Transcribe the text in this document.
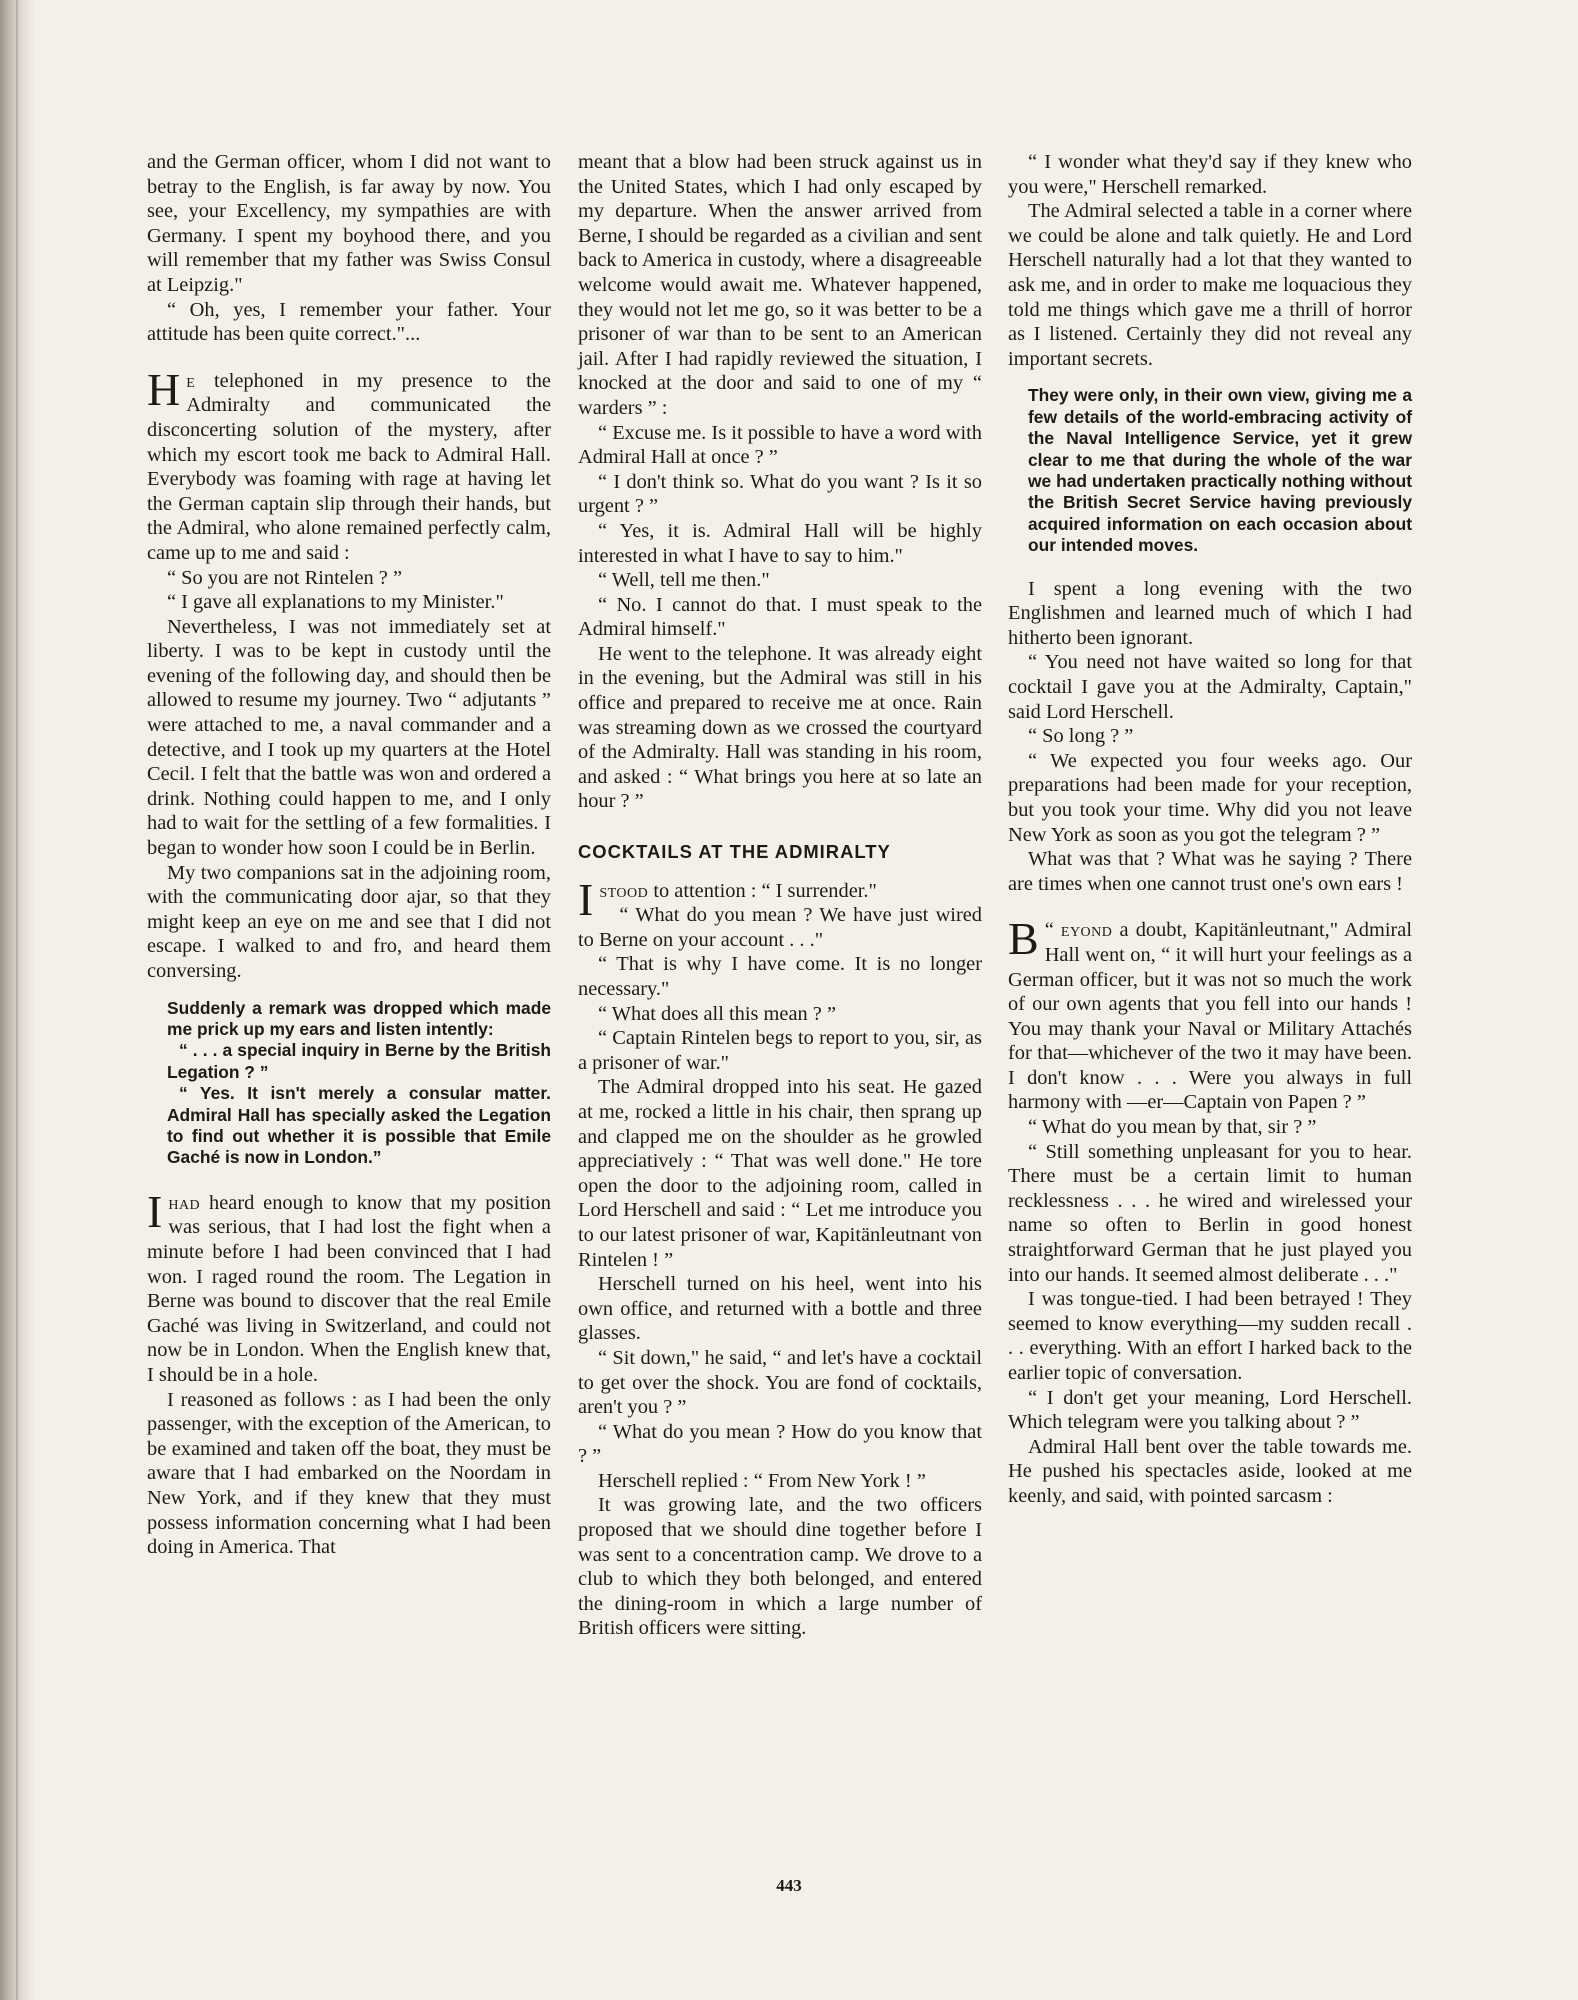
and the German officer, whom I did not want to betray to the English, is far away by now. You see, your Excellency, my sympathies are with Germany. I spent my boyhood there, and you will remember that my father was Swiss Consul at Leipzig."

“ Oh, yes, I remember your father. Your attitude has been quite correct."...

He telephoned in my presence to the Admiralty and communicated the disconcerting solution of the mystery, after which my escort took me back to Admiral Hall. Everybody was foaming with rage at having let the German captain slip through their hands, but the Admiral, who alone remained perfectly calm, came up to me and said :

“ So you are not Rintelen ? ”

“ I gave all explanations to my Minister."

Nevertheless, I was not immediately set at liberty. I was to be kept in custody until the evening of the following day, and should then be allowed to resume my journey. Two “ adjutants ” were attached to me, a naval commander and a detective, and I took up my quarters at the Hotel Cecil. I felt that the battle was won and ordered a drink. Nothing could happen to me, and I only had to wait for the settling of a few formalities. I began to wonder how soon I could be in Berlin.

My two companions sat in the adjoining room, with the communicating door ajar, so that they might keep an eye on me and see that I did not escape. I walked to and fro, and heard them conversing.

Suddenly a remark was dropped which made me prick up my ears and listen intently:

“ . . . a special inquiry in Berne by the British Legation ? ”

“ Yes. It isn't merely a consular matter. Admiral Hall has specially asked the Legation to find out whether it is possible that Emile Gaché is now in London.”

Ihad heard enough to know that my position was serious, that I had lost the fight when a minute before I had been convinced that I had won. I raged round the room. The Legation in Berne was bound to discover that the real Emile Gaché was living in Switzerland, and could not now be in London. When the English knew that, I should be in a hole.

I reasoned as follows : as I had been the only passenger, with the exception of the American, to be examined and taken off the boat, they must be aware that I had embarked on the Noordam in New York, and if they knew that they must possess information concerning what I had been doing in America. That

meant that a blow had been struck against us in the United States, which I had only escaped by my departure. When the answer arrived from Berne, I should be regarded as a civilian and sent back to America in custody, where a disagreeable welcome would await me. Whatever happened, they would not let me go, so it was better to be a prisoner of war than to be sent to an American jail. After I had rapidly reviewed the situation, I knocked at the door and said to one of my “ warders ” :

“ Excuse me. Is it possible to have a word with Admiral Hall at once ? ”

“ I don't think so. What do you want ? Is it so urgent ? ”

“ Yes, it is. Admiral Hall will be highly interested in what I have to say to him."

“ Well, tell me then."

“ No. I cannot do that. I must speak to the Admiral himself."

He went to the telephone. It was already eight in the evening, but the Admiral was still in his office and prepared to receive me at once. Rain was streaming down as we crossed the courtyard of the Admiralty. Hall was standing in his room, and asked : “ What brings you here at so late an hour ? ”

COCKTAILS AT THE ADMIRALTY

Istood to attention : “ I surrender."

“ What do you mean ? We have just wired to Berne on your account . . ."

“ That is why I have come. It is no longer necessary."

“ What does all this mean ? ”

“ Captain Rintelen begs to report to you, sir, as a prisoner of war."

The Admiral dropped into his seat. He gazed at me, rocked a little in his chair, then sprang up and clapped me on the shoulder as he growled appreciatively : “ That was well done." He tore open the door to the adjoining room, called in Lord Herschell and said : “ Let me introduce you to our latest prisoner of war, Kapitänleutnant von Rintelen ! ”

Herschell turned on his heel, went into his own office, and returned with a bottle and three glasses.

“ Sit down," he said, “ and let's have a cocktail to get over the shock. You are fond of cocktails, aren't you ? ”

“ What do you mean ? How do you know that ? ”

Herschell replied : “ From New York ! ”

It was growing late, and the two officers proposed that we should dine together before I was sent to a concentration camp. We drove to a club to which they both belonged, and entered the dining-room in which a large number of British officers were sitting.

“ I wonder what they'd say if they knew who you were," Herschell remarked.

The Admiral selected a table in a corner where we could be alone and talk quietly. He and Lord Herschell naturally had a lot that they wanted to ask me, and in order to make me loquacious they told me things which gave me a thrill of horror as I listened. Certainly they did not reveal any important secrets.

They were only, in their own view, giving me a few details of the world-embracing activity of the Naval Intelligence Service, yet it grew clear to me that during the whole of the war we had undertaken practically nothing without the British Secret Service having previously acquired information on each occasion about our intended moves.

I spent a long evening with the two Englishmen and learned much of which I had hitherto been ignorant.

“ You need not have waited so long for that cocktail I gave you at the Admiralty, Captain," said Lord Herschell.

“ So long ? ”

“ We expected you four weeks ago. Our preparations had been made for your reception, but you took your time. Why did you not leave New York as soon as you got the telegram ? ”

What was that ? What was he saying ? There are times when one cannot trust one's own ears !

“
B eyond a doubt, Kapitänleutnant," Admiral Hall went on, “ it will hurt your feelings as a German officer, but it was not so much the work of our own agents that you fell into our hands ! You may thank your Naval or Military Attachés for that—whichever of the two it may have been. I don't know . . . Were you always in full harmony with —er—Captain von Papen ? ”

“ What do you mean by that, sir ? ”

“ Still something unpleasant for you to hear. There must be a certain limit to human recklessness . . . he wired and wirelessed your name so often to Berlin in good honest straightforward German that he just played you into our hands. It seemed almost deliberate . . ."

I was tongue-tied. I had been betrayed ! They seemed to know everything—my sudden recall . . . everything. With an effort I harked back to the earlier topic of conversation.

“ I don't get your meaning, Lord Herschell. Which telegram were you talking about ? ”

Admiral Hall bent over the table towards me. He pushed his spectacles aside, looked at me keenly, and said, with pointed sarcasm :

443
